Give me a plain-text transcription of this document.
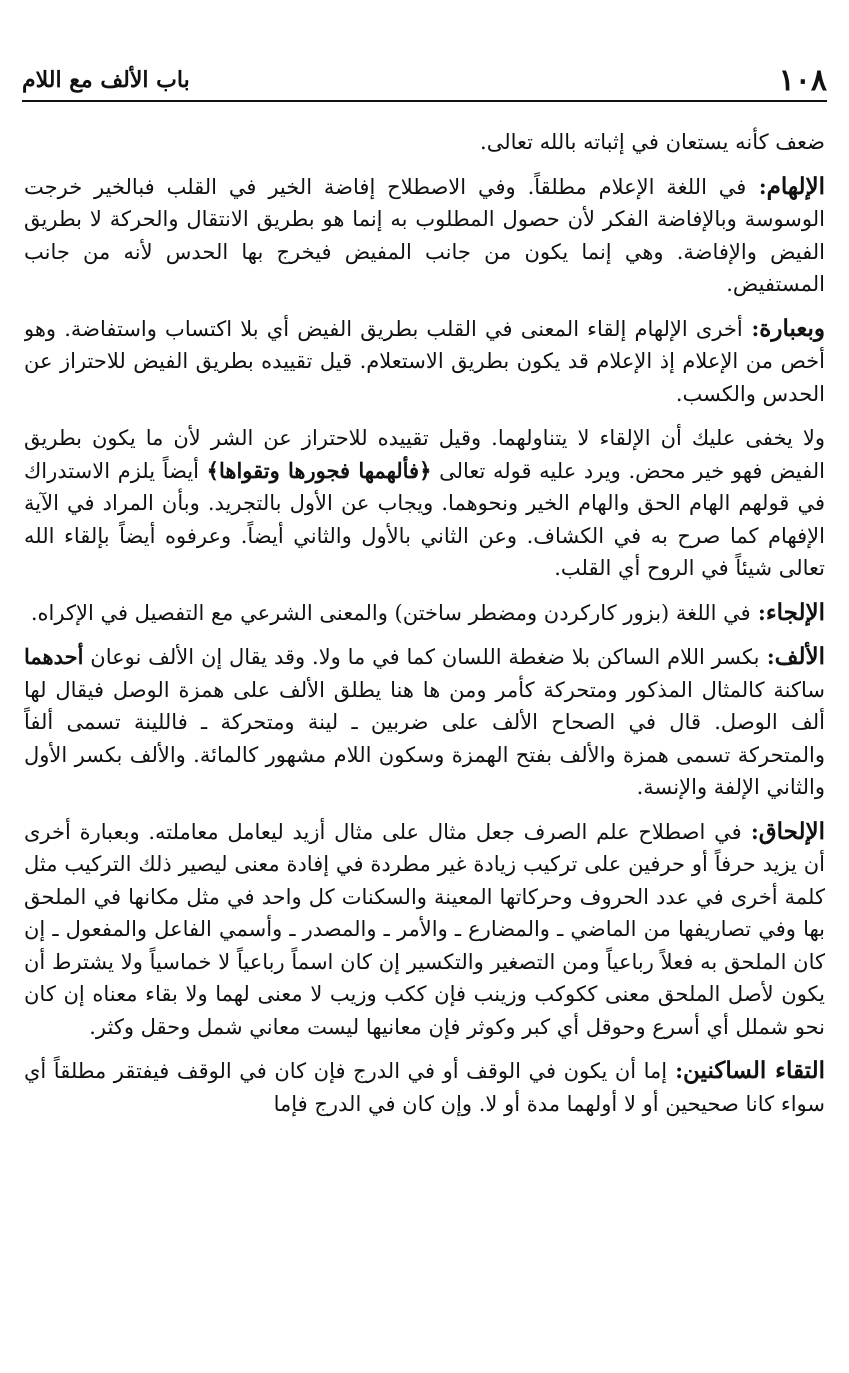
١٠٨
باب الألف مع اللام

ضعف كأنه يستعان في إثباته بالله تعالى.

الإلهام: في اللغة الإعلام مطلقاً. وفي الاصطلاح إفاضة الخير في القلب فبالخير خرجت الوسوسة وبالإفاضة الفكر لأن حصول المطلوب به إنما هو بطريق الانتقال والحركة لا بطريق الفيض والإفاضة. وهي إنما يكون من جانب المفيض فيخرج بها الحدس لأنه من جانب المستفيض.

وبعبارة: أخرى الإلهام إلقاء المعنى في القلب بطريق الفيض أي بلا اكتساب واستفاضة. وهو أخص من الإعلام إذ الإعلام قد يكون بطريق الاستعلام. قيل تقييده بطريق الفيض للاحتراز عن الحدس والكسب.

ولا يخفى عليك أن الإلقاء لا يتناولهما. وقيل تقييده للاحتراز عن الشر لأن ما يكون بطريق الفيض فهو خير محض. ويرد عليه قوله تعالى ﴿فألهمها فجورها وتقواها﴾ أيضاً يلزم الاستدراك في قولهم الهام الحق والهام الخير ونحوهما. ويجاب عن الأول بالتجريد. وبأن المراد في الآية الإفهام كما صرح به في الكشاف. وعن الثاني بالأول والثاني أيضاً. وعرفوه أيضاً بإلقاء الله تعالى شيئاً في الروح أي القلب.

الإلجاء: في اللغة (بزور كاركردن ومضطر ساختن) والمعنى الشرعي مع التفصيل في الإكراه.

الألف: بكسر اللام الساكن بلا ضغطة اللسان كما في ما ولا. وقد يقال إن الألف نوعان أحدهما ساكنة كالمثال المذكور ومتحركة كأمر ومن ها هنا يطلق الألف على همزة الوصل فيقال لها ألف الوصل. قال في الصحاح الألف على ضربين ـ لينة ومتحركة ـ فاللينة تسمى ألفاً والمتحركة تسمى همزة والألف بفتح الهمزة وسكون اللام مشهور كالمائة. والألف بكسر الأول والثاني الإلفة والإنسة.

الإلحاق: في اصطلاح علم الصرف جعل مثال على مثال أزيد ليعامل معاملته. وبعبارة أخرى أن يزيد حرفاً أو حرفين على تركيب زيادة غير مطردة في إفادة معنى ليصير ذلك التركيب مثل كلمة أخرى في عدد الحروف وحركاتها المعينة والسكنات كل واحد في مثل مكانها في الملحق بها وفي تصاريفها من الماضي ـ والمضارع ـ والأمر ـ والمصدر ـ وأسمي الفاعل والمفعول ـ إن كان الملحق به فعلاً رباعياً ومن التصغير والتكسير إن كان اسماً رباعياً لا خماسياً ولا يشترط أن يكون لأصل الملحق معنى ككوكب وزينب فإن ككب وزيب لا معنى لهما ولا بقاء معناه إن كان نحو شملل أي أسرع وحوقل أي كبر وكوثر فإن معانيها ليست معاني شمل وحقل وكثر.

التقاء الساكنين: إما أن يكون في الوقف أو في الدرج فإن كان في الوقف فيفتقر مطلقاً أي سواء كانا صحيحين أو لا أولهما مدة أو لا. وإن كان في الدرج فإما
